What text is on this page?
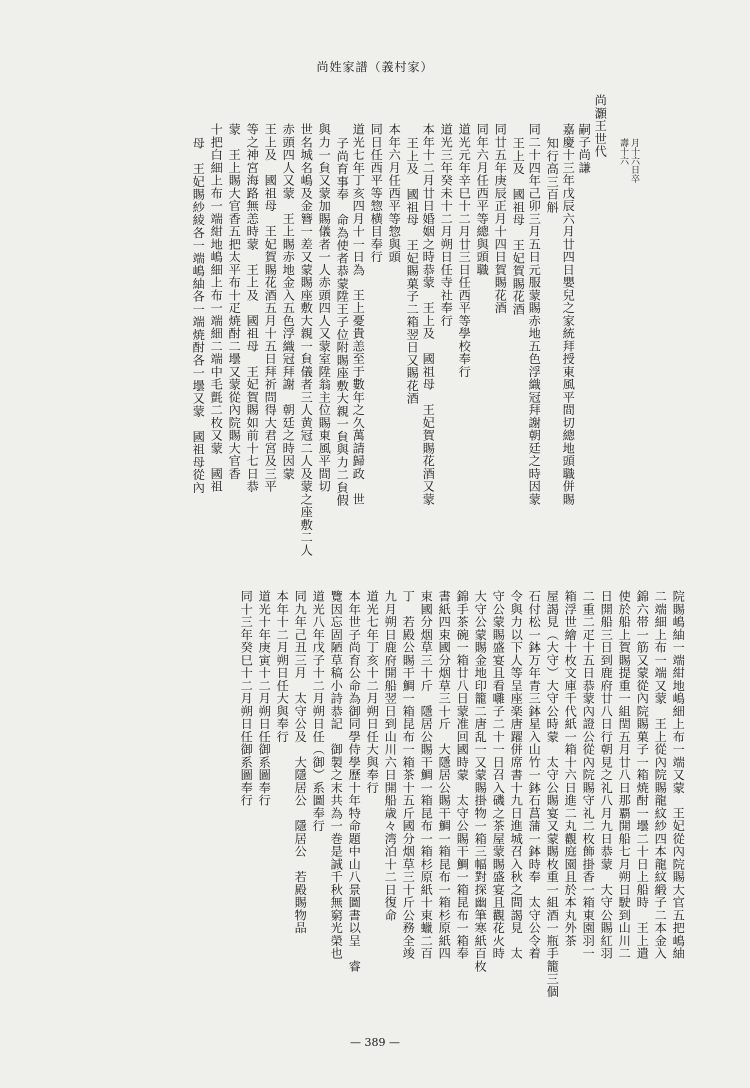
尚姓家譜（義村家）
尚灝王世代
嗣子尚謙
嘉慶十三年戊辰六月廿四日嬰兒之家統拜授東風平間切總地頭職併賜
知行高三百斛
同二十四年己卯三月五日元服蒙賜赤地五色浮織冠拜謝朝廷之時因蒙
王上及　國祖母　王妃賀賜花酒
同廿五年庚辰正月十四日賀賜花酒
同年六月任西平等總與頭職
道光元年辛巳十二月廿三日任西平等學校奉行
道光三年癸未十二月朔日任寺社奉行
本年十二月廿日婚姻之時恭蒙　王上及　國祖母　王妃賀賜花酒又蒙
王上及　國祖母　王妃賜菓子二箱翌日又賜花酒
本年六月任西平等惣與頭
同日任西平等惣横目奉行
道光七年丁亥四月十一日為　王上憂貴恙至于數年之久萬請歸政　世
子尚育事奉　命為使者恭蒙陞王子位附賜座敷大親一貟與力二貟假
與力一貟又蒙加賜儀者一人赤頭四人又蒙室陞翁主位賜東風平間切
世名城名嶋及金簪一差又蒙賜座敷大親一貟儀者三人黄冠二人及蒙之座敷二人
赤頭四人又蒙　王上賜赤地金入五色浮織冠拜謝　朝廷之時因蒙
王上及　國祖母　王妃賀賜花酒五月十五日拜祈問得大君宮及三平
等之神宮海路無恙時蒙　王上及　國祖母　王妃賀賜如前十七日恭
蒙　王上賜大官香五把太平布十疋焼酎二壜又蒙從內院賜大官香
十把白細上布一端紺地嶋細上布一端細二端中毛氈二枚又蒙　國祖
母　王妃賜紗綾各一端嶋紬各一端焼酎各一壜又蒙　國祖母從內
院賜嶋紬一端紺地嶋細上布一端又蒙　王妃從內院賜大官五把嶋紬
二端細上布一端又蒙　王上從內院賜龍紋紗四本龍紋緞子二本金入
錦六帯一筋又蒙從內院賜菓子一箱焼酎一壜二十日上船時　王上遣
使於船上賀賜提重一組閏五月廿八日那覇開船七月朔日駛到山川二
日開船三日到鹿府廿八日行朝見之礼八月九日恭蒙　大守公賜紅羽
二重二疋十五日恭蒙內證公從內院賜守礼二枚飾掛香一箱東園羽一
箱浮世繪十枚文庫千代紙一箱十六日進二丸觀庭園且於本丸外茶
屋謁見（大守）大守公時蒙　太守公賜宴又蒙賜枚重一組酒一瓶手籠三個
石付松一鉢万年青三鉢星入山竹一鉢石菖蒲一鉢時奉　太守公令着
令與力以下人等呈座楽唐躍併席書十九日進城召入秋之間謁見　太
守公蒙賜盛宴且看囃子二十一日召入磯之茶屋蒙賜盛宴且觀花火時
大守公蒙賜金地印籠二唐乱一又蒙賜掛物一箱三幅對探幽筆寒紙百枚
錦手茶碗一箱廿八日蒙准回國時蒙　太守公賜干鯛一箱昆布一箱奉
書紙四束國分烟草三十斤　大隱居公賜干鯛一箱昆布一箱杉原紙四
束國分烟草三十斤　隱居公賜干鯛一箱昆布一箱杉原紙十束蠟二百
丁　若殿公賜干鯛一箱昆布一箱茶十五斤國分烟草三十斤公務全竣
九月朔日鹿府開船翌日到山川六日開船歳々湾泊十二日復命
道光七年丁亥十二月朔日任大與奉行
本年世子尚育公命為御同學侍學歷十年特命題中山八景圖書以呈　睿
覽因忘固陋草稿小詩恭記　御製之末共為一巻是誠千秋無窮光榮也
道光八年戊子十二月朔日任（御）系圖奉行
同九年己丑三月　太守公及　大隱居公　隱居公　若殿賜物品
本年十二月朔日任大與奉行
道光十年庚寅十二月朔日任御系圖奉行
同十三年癸巳十二月朔日任御系圖奉行
月十六日卒
壽十六
— 389 —
